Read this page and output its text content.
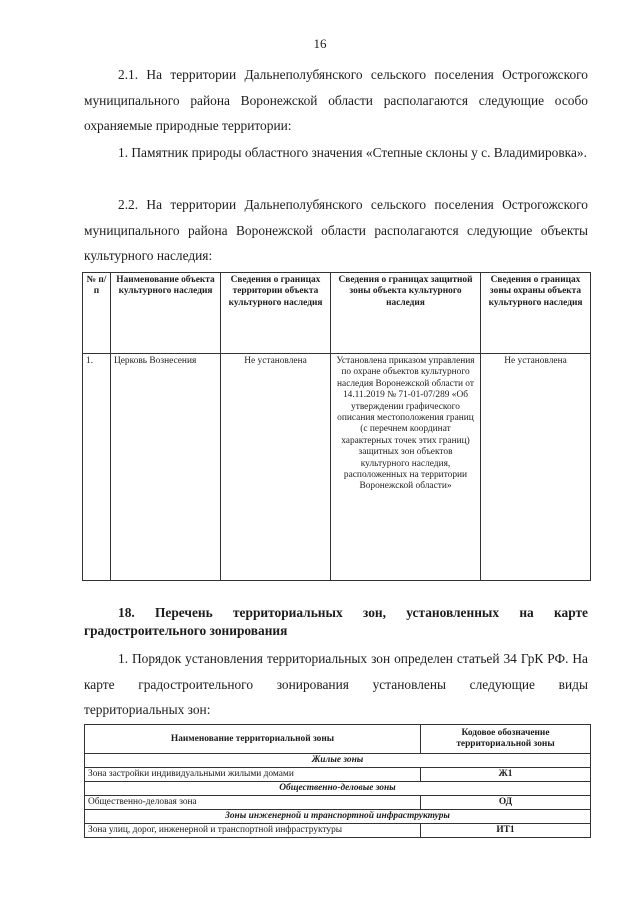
16
2.1. На территории Дальнеполубянского сельского поселения Острогожского муниципального района Воронежской области располагаются следующие особо охраняемые природные территории:
1. Памятник природы областного значения «Степные склоны у с. Владимировка».
2.2. На территории Дальнеполубянского сельского поселения Острогожского муниципального района Воронежской области располагаются следующие объекты культурного наследия:
№ п/п	Наименование объекта культурного наследия	Сведения о границах территории объекта культурного наследия	Сведения о границах защитной зоны объекта культурного наследия	Сведения о границах зоны охраны объекта культурного наследия
1.	Церковь Вознесения	Не установлена	Установлена приказом управления по охране объектов культурного наследия Воронежской области от 14.11.2019 № 71-01-07/289 «Об утверждении графического описания местоположения границ (с перечнем координат характерных точек этих границ) защитных зон объектов культурного наследия, расположенных на территории Воронежской области»	Не установлена
18. Перечень территориальных зон, установленных на карте градостроительного зонирования
1. Порядок установления территориальных зон определен статьей 34 ГрК РФ. На карте градостроительного зонирования установлены следующие виды территориальных зон:
Наименование территориальной зоны	Кодовое обозначение территориальной зоны
Жилые зоны	
Зона застройки индивидуальными жилыми домами	Ж1
Общественно-деловые зоны	
Общественно-деловая зона	ОД
Зоны инженерной и транспортной инфраструктуры	
Зона улиц, дорог, инженерной и транспортной инфраструктуры	ИТ1
